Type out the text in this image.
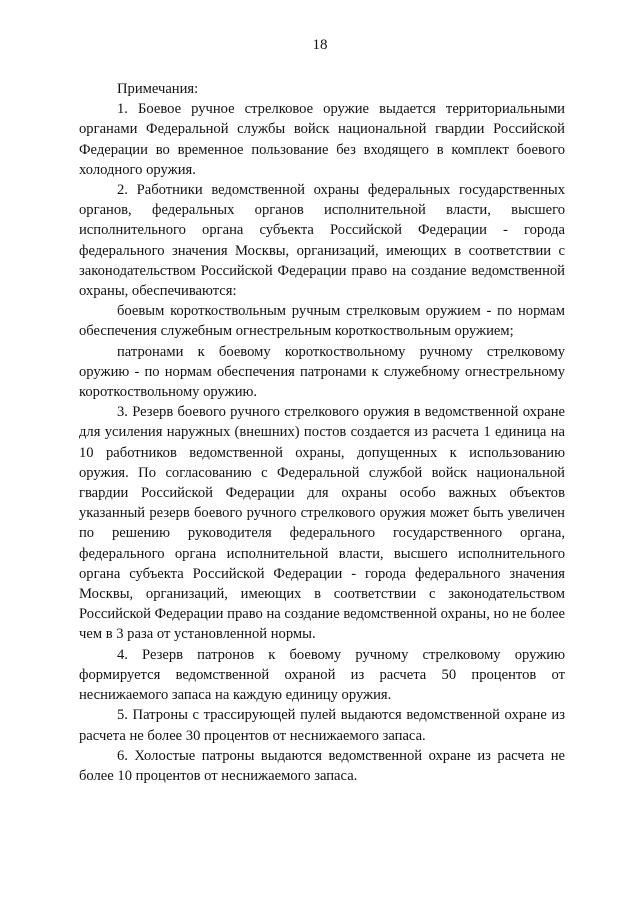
18

Примечания:

1. Боевое ручное стрелковое оружие выдается территориальными органами Федеральной службы войск национальной гвардии Российской Федерации во временное пользование без входящего в комплект боевого холодного оружия.

2. Работники ведомственной охраны федеральных государственных органов, федеральных органов исполнительной власти, высшего исполнительного органа субъекта Российской Федерации - города федерального значения Москвы, организаций, имеющих в соответствии с законодательством Российской Федерации право на создание ведомственной охраны, обеспечиваются:

боевым короткоствольным ручным стрелковым оружием - по нормам обеспечения служебным огнестрельным короткоствольным оружием;

патронами к боевому короткоствольному ручному стрелковому оружию - по нормам обеспечения патронами к служебному огнестрельному короткоствольному оружию.

3. Резерв боевого ручного стрелкового оружия в ведомственной охране для усиления наружных (внешних) постов создается из расчета 1 единица на 10 работников ведомственной охраны, допущенных к использованию оружия. По согласованию с Федеральной службой войск национальной гвардии Российской Федерации для охраны особо важных объектов указанный резерв боевого ручного стрелкового оружия может быть увеличен по решению руководителя федерального государственного органа, федерального органа исполнительной власти, высшего исполнительного органа субъекта Российской Федерации - города федерального значения Москвы, организаций, имеющих в соответствии с законодательством Российской Федерации право на создание ведомственной охраны, но не более чем в 3 раза от установленной нормы.

4. Резерв патронов к боевому ручному стрелковому оружию формируется ведомственной охраной из расчета 50 процентов от неснижаемого запаса на каждую единицу оружия.

5. Патроны с трассирующей пулей выдаются ведомственной охране из расчета не более 30 процентов от неснижаемого запаса.

6. Холостые патроны выдаются ведомственной охране из расчета не более 10 процентов от неснижаемого запаса.
